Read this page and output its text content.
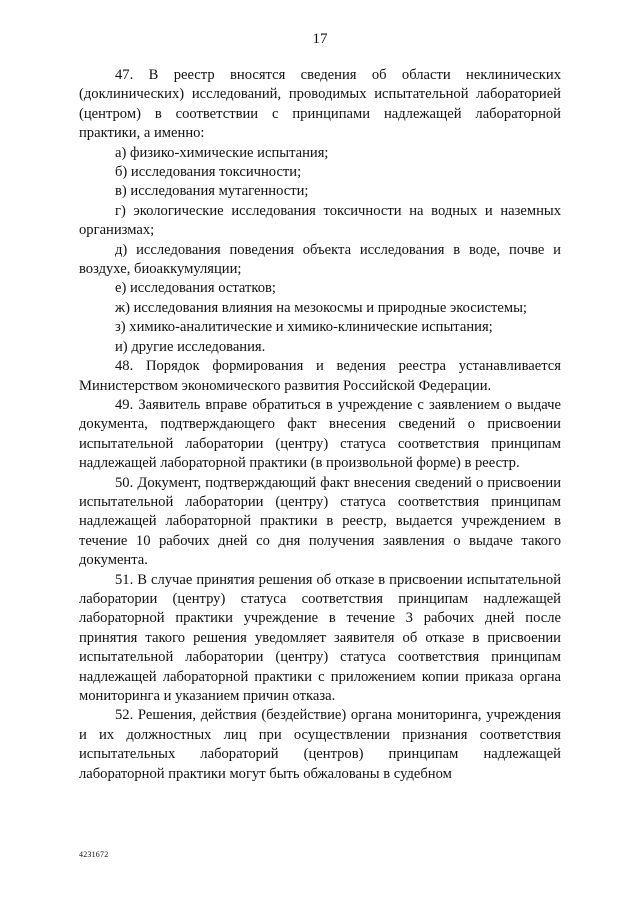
17

47. В реестр вносятся сведения об области неклинических (доклинических) исследований, проводимых испытательной лабораторией (центром) в соответствии с принципами надлежащей лабораторной практики, а именно:

а) физико-химические испытания;

б) исследования токсичности;

в) исследования мутагенности;

г) экологические исследования токсичности на водных и наземных организмах;

д) исследования поведения объекта исследования в воде, почве и воздухе, биоаккумуляции;

е) исследования остатков;

ж) исследования влияния на мезокосмы и природные экосистемы;

з) химико-аналитические и химико-клинические испытания;

и) другие исследования.

48. Порядок формирования и ведения реестра устанавливается Министерством экономического развития Российской Федерации.

49. Заявитель вправе обратиться в учреждение с заявлением о выдаче документа, подтверждающего факт внесения сведений о присвоении испытательной лаборатории (центру) статуса соответствия принципам надлежащей лабораторной практики (в произвольной форме) в реестр.

50. Документ, подтверждающий факт внесения сведений о присвоении испытательной лаборатории (центру) статуса соответствия принципам надлежащей лабораторной практики в реестр, выдается учреждением в течение 10 рабочих дней со дня получения заявления о выдаче такого документа.

51. В случае принятия решения об отказе в присвоении испытательной лаборатории (центру) статуса соответствия принципам надлежащей лабораторной практики учреждение в течение 3 рабочих дней после принятия такого решения уведомляет заявителя об отказе в присвоении испытательной лаборатории (центру) статуса соответствия принципам надлежащей лабораторной практики с приложением копии приказа органа мониторинга и указанием причин отказа.

52. Решения, действия (бездействие) органа мониторинга, учреждения и их должностных лиц при осуществлении признания соответствия испытательных лабораторий (центров) принципам надлежащей лабораторной практики могут быть обжалованы в судебном

4231672
